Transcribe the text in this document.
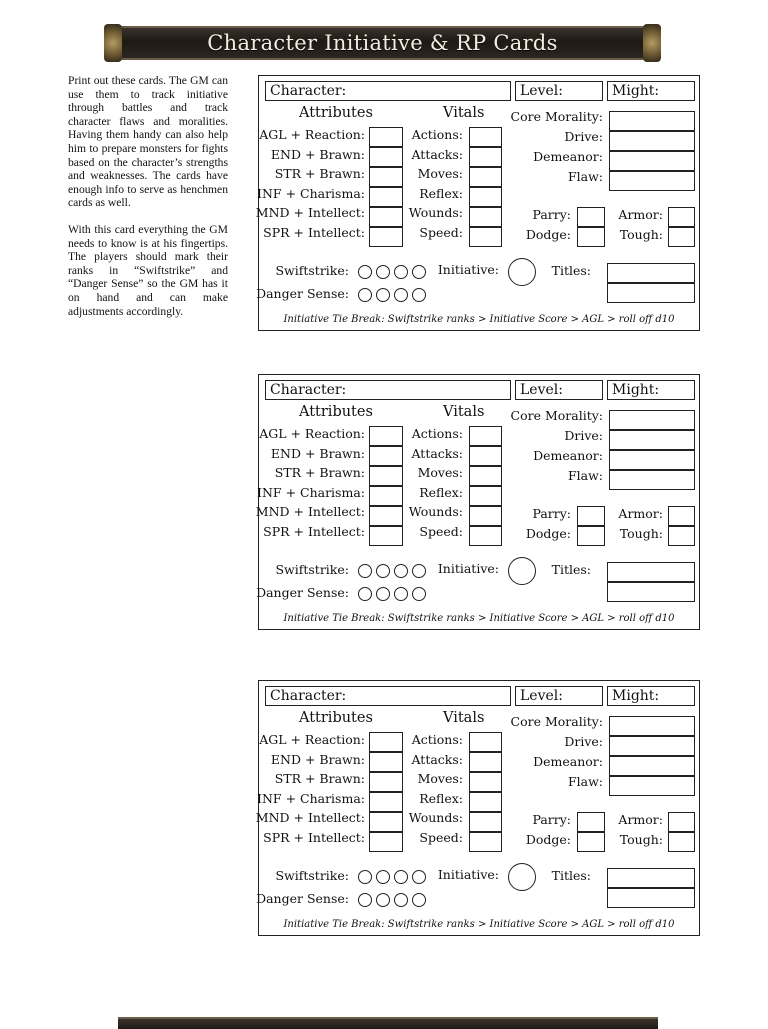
Character Initiative & RP Cards

Print out these cards. The GM can use them to track initiative through battles and track character flaws and moralities. Having them handy can also help him to prepare monsters for fights based on the character’s strengths and weaknesses. The cards have enough info to serve as henchmen cards as well.

With this card everything the GM needs to know is at his fingertips. The players should mark their ranks in “Swiftstrike” and “Danger Sense” so the GM has it on hand and can make adjustments accordingly.

Character:	Level:	Might:
Attributes	Vitals
AGL + Reaction:
END + Brawn:
STR + Brawn:
INF + Charisma:
MND + Intellect:
SPR + Intellect:
Actions:
Attacks:
Moves:
Reflex:
Wounds:
Speed:
Core Morality:
Drive:
Demeanor:
Flaw:
Parry:
Dodge:
Armor:
Tough:
Swiftstrike:
Danger Sense:
Initiative:	Titles:
Initiative Tie Break: Swiftstrike ranks > Initiative Score > AGL > roll off d10
Character:	Level:	Might:
Attributes	Vitals
AGL + Reaction:
END + Brawn:
STR + Brawn:
INF + Charisma:
MND + Intellect:
SPR + Intellect:
Actions:
Attacks:
Moves:
Reflex:
Wounds:
Speed:
Core Morality:
Drive:
Demeanor:
Flaw:
Parry:
Dodge:
Armor:
Tough:
Swiftstrike:
Danger Sense:
Initiative:	Titles:
Initiative Tie Break: Swiftstrike ranks > Initiative Score > AGL > roll off d10
Character:	Level:	Might:
Attributes	Vitals
AGL + Reaction:
END + Brawn:
STR + Brawn:
INF + Charisma:
MND + Intellect:
SPR + Intellect:
Actions:
Attacks:
Moves:
Reflex:
Wounds:
Speed:
Core Morality:
Drive:
Demeanor:
Flaw:
Parry:
Dodge:
Armor:
Tough:
Swiftstrike:
Danger Sense:
Initiative:	Titles:
Initiative Tie Break: Swiftstrike ranks > Initiative Score > AGL > roll off d10
